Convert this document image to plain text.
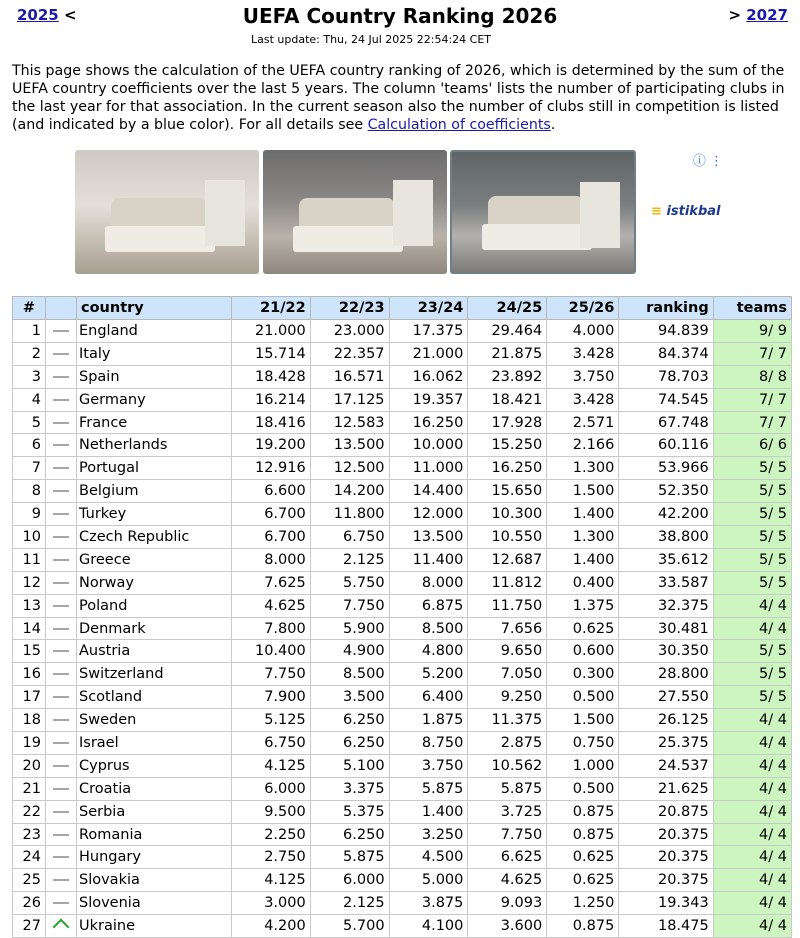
2025 <	> 2027
UEFA Country Ranking 2026
Last update: Thu, 24 Jul 2025 22:54:24 CET
This page shows the calculation of the UEFA country ranking of 2026, which is determined by the sum of the UEFA country coefficients over the last 5 years. The column 'teams' lists the number of participating clubs in the last year for that association. In the current season also the number of clubs still in competition is listed (and indicated by a blue color). For all details see Calculation of coefficients.
≡ istikbal
ⓘ ⋮
#		country	21/22	22/23	23/24	24/25	25/26	ranking	teams
1		England	21.000	23.000	17.375	29.464	4.000	94.839	9/ 9
2		Italy	15.714	22.357	21.000	21.875	3.428	84.374	7/ 7
3		Spain	18.428	16.571	16.062	23.892	3.750	78.703	8/ 8
4		Germany	16.214	17.125	19.357	18.421	3.428	74.545	7/ 7
5		France	18.416	12.583	16.250	17.928	2.571	67.748	7/ 7
6		Netherlands	19.200	13.500	10.000	15.250	2.166	60.116	6/ 6
7		Portugal	12.916	12.500	11.000	16.250	1.300	53.966	5/ 5
8		Belgium	6.600	14.200	14.400	15.650	1.500	52.350	5/ 5
9		Turkey	6.700	11.800	12.000	10.300	1.400	42.200	5/ 5
10		Czech Republic	6.700	6.750	13.500	10.550	1.300	38.800	5/ 5
11		Greece	8.000	2.125	11.400	12.687	1.400	35.612	5/ 5
12		Norway	7.625	5.750	8.000	11.812	0.400	33.587	5/ 5
13		Poland	4.625	7.750	6.875	11.750	1.375	32.375	4/ 4
14		Denmark	7.800	5.900	8.500	7.656	0.625	30.481	4/ 4
15		Austria	10.400	4.900	4.800	9.650	0.600	30.350	5/ 5
16		Switzerland	7.750	8.500	5.200	7.050	0.300	28.800	5/ 5
17		Scotland	7.900	3.500	6.400	9.250	0.500	27.550	5/ 5
18		Sweden	5.125	6.250	1.875	11.375	1.500	26.125	4/ 4
19		Israel	6.750	6.250	8.750	2.875	0.750	25.375	4/ 4
20		Cyprus	4.125	5.100	3.750	10.562	1.000	24.537	4/ 4
21		Croatia	6.000	3.375	5.875	5.875	0.500	21.625	4/ 4
22		Serbia	9.500	5.375	1.400	3.725	0.875	20.875	4/ 4
23		Romania	2.250	6.250	3.250	7.750	0.875	20.375	4/ 4
24		Hungary	2.750	5.875	4.500	6.625	0.625	20.375	4/ 4
25		Slovakia	4.125	6.000	5.000	4.625	0.625	20.375	4/ 4
26		Slovenia	3.000	2.125	3.875	9.093	1.250	19.343	4/ 4
27		Ukraine	4.200	5.700	4.100	3.600	0.875	18.475	4/ 4
